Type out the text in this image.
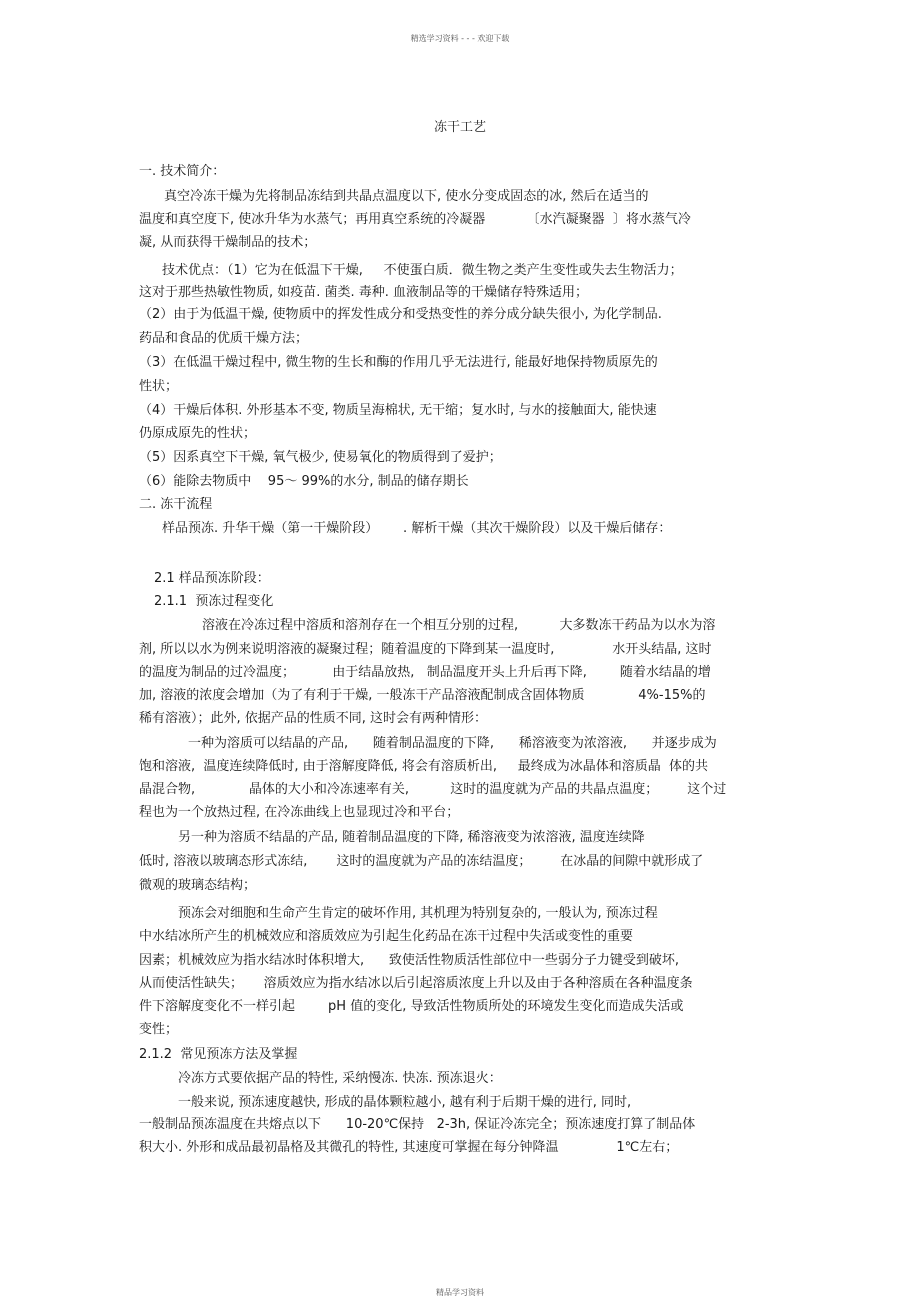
精选学习资料 - - - 欢迎下载
冻干工艺
一. 技术简介：
真空冷冻干燥为先将制品冻结到共晶点温度以下, 使水分变成固态的冰, 然后在适当的
温度和真空度下, 使冰升华为水蒸气；再用真空系统的冷凝器          〔水汽凝聚器  〕将水蒸气冷
凝, 从而获得干燥制品的技术；
技术优点：（1）它为在低温下干燥,     不使蛋白质．微生物之类产生变性或失去生物活力；
这对于那些热敏性物质, 如疫苗. 菌类. 毒种. 血液制品等的干燥储存特殊适用；
（2）由于为低温干燥, 使物质中的挥发性成分和受热变性的养分成分缺失很小, 为化学制品.
药品和食品的优质干燥方法；
（3）在低温干燥过程中, 微生物的生长和酶的作用几乎无法进行, 能最好地保持物质原先的
性状；
（4）干燥后体积. 外形基本不变, 物质呈海棉状, 无干缩；复水时, 与水的接触面大, 能快速
仍原成原先的性状；
（5）因系真空下干燥, 氧气极少, 使易氧化的物质得到了爱护；
（6）能除去物质中    95～ 99%的水分, 制品的储存期长
二. 冻干流程
样品预冻. 升华干燥（第一干燥阶段）      . 解析干燥（其次干燥阶段）以及干燥后储存：
2.1 样品预冻阶段：
2.1.1  预冻过程变化
溶液在冷冻过程中溶质和溶剂存在一个相互分别的过程,          大多数冻干药品为以水为溶
剂, 所以以水为例来说明溶液的凝聚过程；随着温度的下降到某一温度时,              水开头结晶, 这时
的温度为制品的过冷温度；         由于结晶放热,   制品温度开头上升后再下降,        随着水结晶的增
加, 溶液的浓度会增加（为了有利于干燥, 一般冻干产品溶液配制成含固体物质             4%-15%的
稀有溶液）；此外, 依据产品的性质不同, 这时会有两种情形：
一种为溶质可以结晶的产品,      随着制品温度的下降,      稀溶液变为浓溶液,      并逐步成为
饱和溶液,  温度连续降低时, 由于溶解度降低, 将会有溶质析出,     最终成为冰晶体和溶质晶  体的共
晶混合物,             晶体的大小和冷冻速率有关,          这时的温度就为产品的共晶点温度；       这个过
程也为一个放热过程, 在冷冻曲线上也显现过冷和平台；
另一种为溶质不结晶的产品, 随着制品温度的下降, 稀溶液变为浓溶液, 温度连续降
低时, 溶液以玻璃态形式冻结,       这时的温度就为产品的冻结温度；       在冰晶的间隙中就形成了
微观的玻璃态结构；
预冻会对细胞和生命产生肯定的破坏作用, 其机理为特别复杂的, 一般认为, 预冻过程
中水结冰所产生的机械效应和溶质效应为引起生化药品在冻干过程中失活或变性的重要
因素；机械效应为指水结冰时体积增大,      致使活性物质活性部位中一些弱分子力键受到破坏,
从而使活性缺失；     溶质效应为指水结冰以后引起溶质浓度上升以及由于各种溶质在各种温度条
件下溶解度变化不一样引起        pH 值的变化, 导致活性物质所处的环境发生变化而造成失活或
变性；
2.1.2  常见预冻方法及掌握
冷冻方式要依据产品的特性, 采纳慢冻. 快冻. 预冻退火：
一般来说, 预冻速度越快, 形成的晶体颗粒越小, 越有利于后期干燥的进行, 同时,
一般制品预冻温度在共熔点以下      10-20℃保持   2-3h, 保证冷冻完全；预冻速度打算了制品体
积大小. 外形和成品最初晶格及其微孔的特性, 其速度可掌握在每分钟降温              1℃左右；
精品学习资料
